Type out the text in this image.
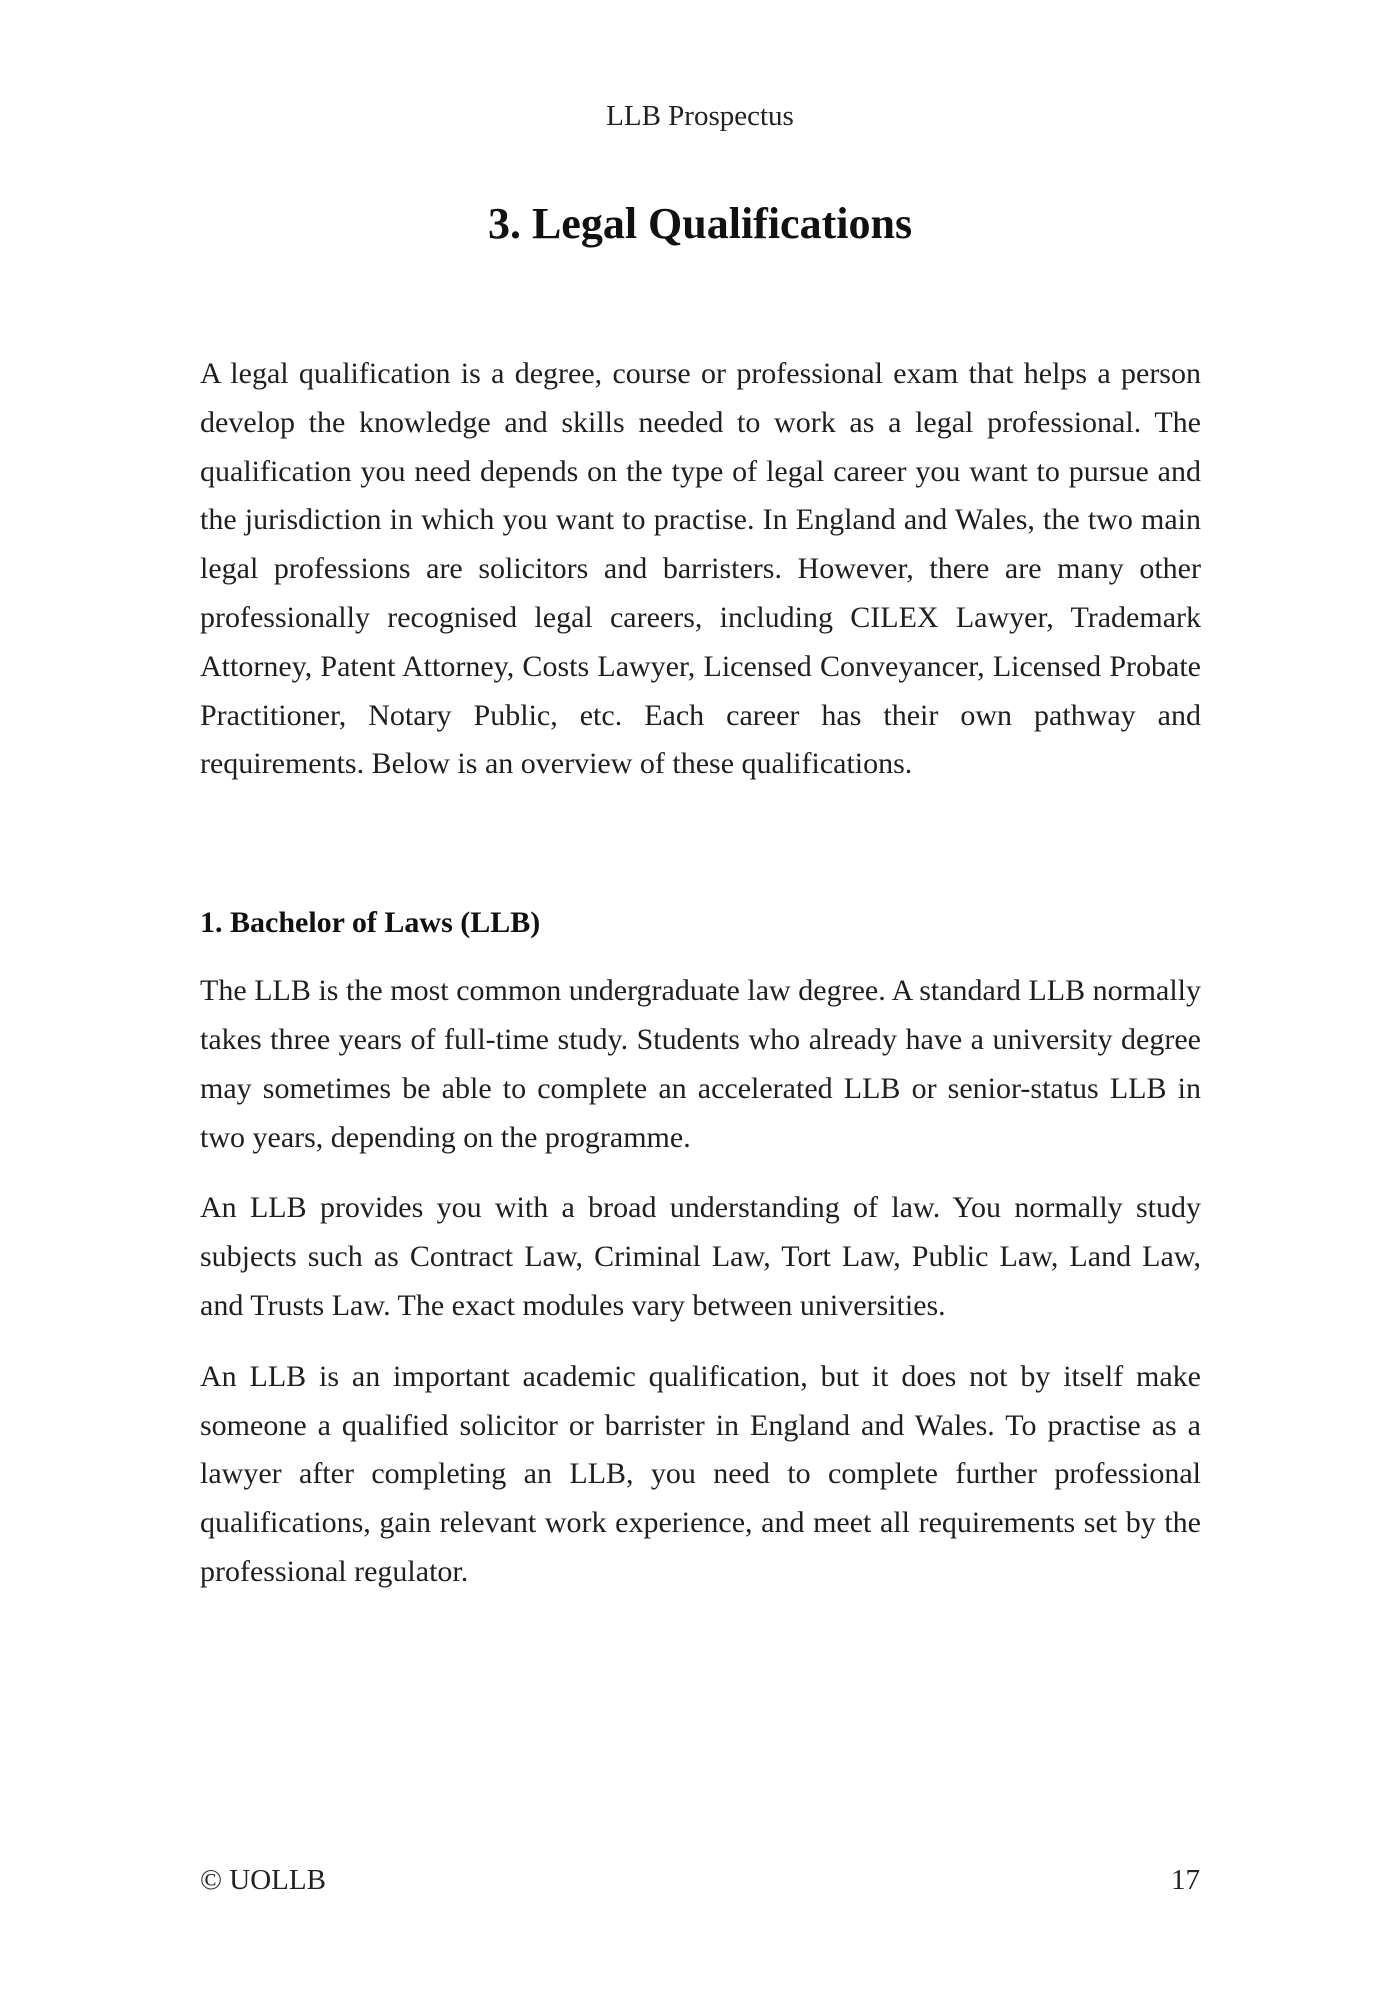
LLB Prospectus
3. Legal Qualifications

A legal qualification is a degree, course or professional exam that helps a person develop the knowledge and skills needed to work as a legal professional. The qualification you need depends on the type of legal career you want to pursue and the jurisdiction in which you want to practise. In England and Wales, the two main legal professions are solicitors and barristers. However, there are many other professionally recognised legal careers, including CILEX Lawyer, Trademark Attorney, Patent Attorney, Costs Lawyer, Licensed Conveyancer, Licensed Probate Practitioner, Notary Public, etc. Each career has their own pathway and requirements. Below is an overview of these qualifications.

1. Bachelor of Laws (LLB)

The LLB is the most common undergraduate law degree. A standard LLB normally takes three years of full-time study. Students who already have a university degree may sometimes be able to complete an accelerated LLB or senior-status LLB in two years, depending on the programme.

An LLB provides you with a broad understanding of law. You normally study subjects such as Contract Law, Criminal Law, Tort Law, Public Law, Land Law, and Trusts Law. The exact modules vary between universities.

An LLB is an important academic qualification, but it does not by itself make someone a qualified solicitor or barrister in England and Wales. To practise as a lawyer after completing an LLB, you need to complete further professional qualifications, gain relevant work experience, and meet all requirements set by the professional regulator.

© UOLLB	17
